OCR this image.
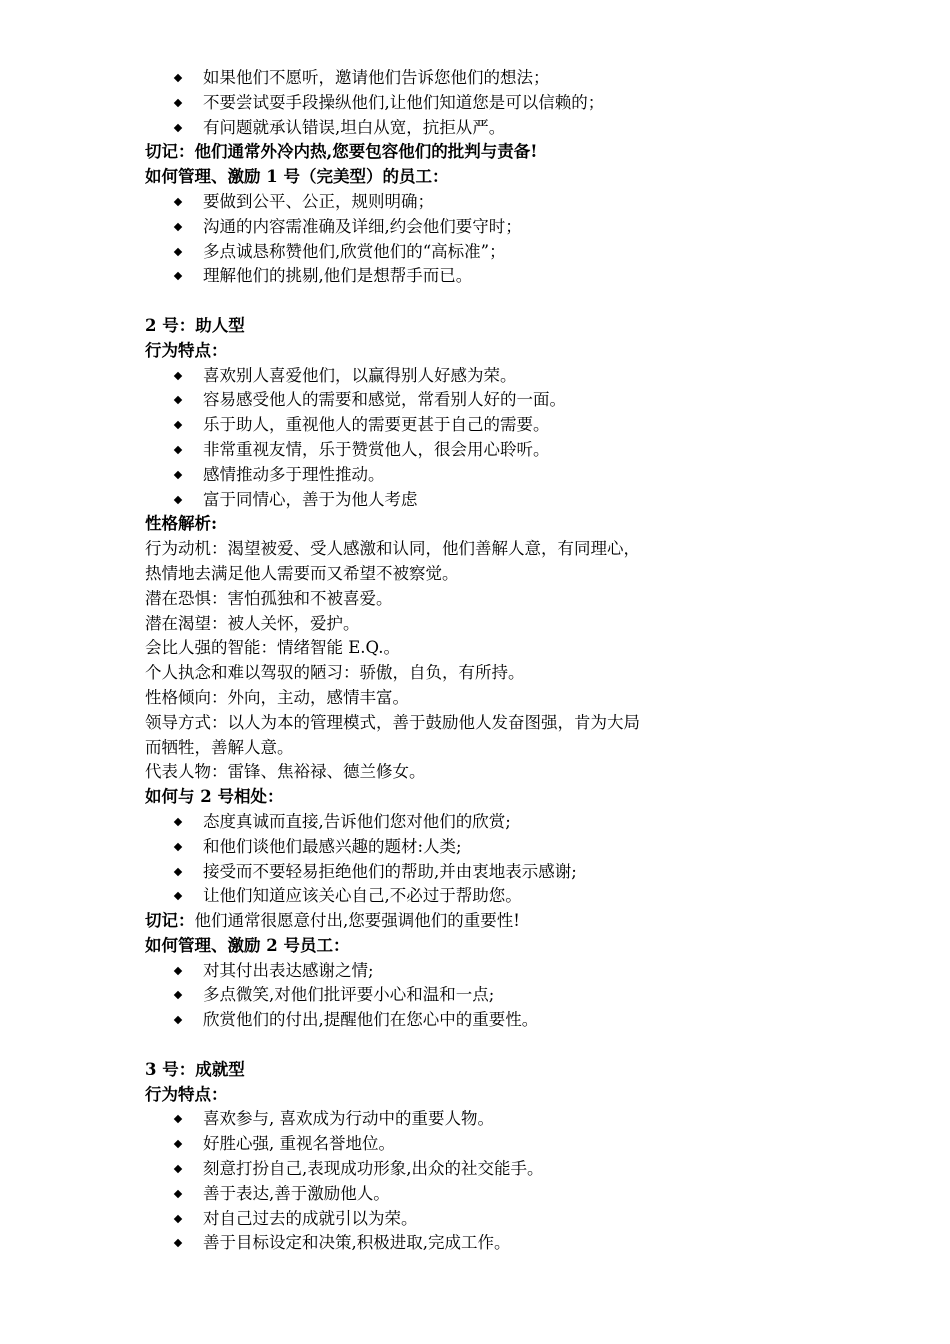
如果他们不愿听，邀请他们告诉您他们的想法；
不要尝试耍手段操纵他们,让他们知道您是可以信赖的；
有问题就承认错误,坦白从宽，抗拒从严。
切记：他们通常外冷内热,您要包容他们的批判与责备!
如何管理、激励 1 号（完美型）的员工：
要做到公平、公正，规则明确；
沟通的内容需准确及详细,约会他们要守时；
多点诚恳称赞他们,欣赏他们的“高标准”；
理解他们的挑剔,他们是想帮手而已。
2 号：助人型
行为特点：
喜欢别人喜爱他们，以赢得别人好感为荣。
容易感受他人的需要和感觉，常看别人好的一面。
乐于助人，重视他人的需要更甚于自己的需要。
非常重视友情，乐于赞赏他人，很会用心聆听。
感情推动多于理性推动。
富于同情心，善于为他人考虑
性格解析:
行为动机：渴望被爱、受人感激和认同，他们善解人意，有同理心，
热情地去满足他人需要而又希望不被察觉。
潜在恐惧：害怕孤独和不被喜爱。
潜在渴望：被人关怀，爱护。
会比人强的智能：情绪智能 E.Q.。
个人执念和难以驾驭的陋习：骄傲，自负，有所持。
性格倾向：外向，主动，感情丰富。
领导方式：以人为本的管理模式，善于鼓励他人发奋图强，肯为大局
而牺牲，善解人意。
代表人物：雷锋、焦裕禄、德兰修女。
如何与 2 号相处：
态度真诚而直接,告诉他们您对他们的欣赏;
和他们谈他们最感兴趣的题材:人类;
接受而不要轻易拒绝他们的帮助,并由衷地表示感谢;
让他们知道应该关心自己,不必过于帮助您。
切记：他们通常很愿意付出,您要强调他们的重要性!
如何管理、激励 2 号员工：
对其付出表达感谢之情;
多点微笑,对他们批评要小心和温和一点;
欣赏他们的付出,提醒他们在您心中的重要性。
3 号：成就型
行为特点：
喜欢参与, 喜欢成为行动中的重要人物。
好胜心强, 重视名誉地位。
刻意打扮自己,表现成功形象,出众的社交能手。
善于表达,善于激励他人。
对自己过去的成就引以为荣。
善于目标设定和决策,积极进取,完成工作。
